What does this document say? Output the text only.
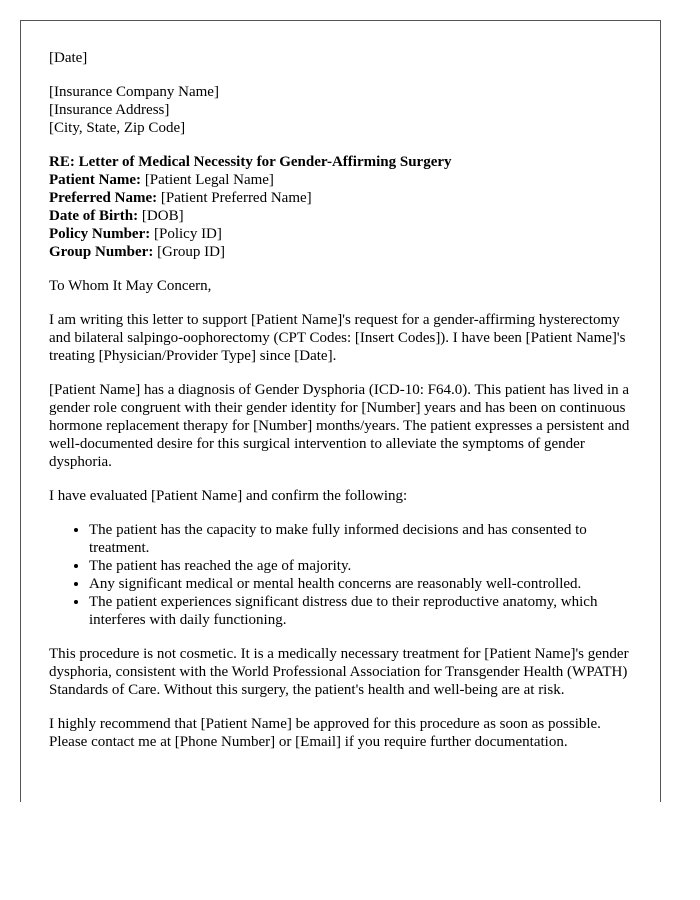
[Date]

[Insurance Company Name]
[Insurance Address]
[City, State, Zip Code]
RE: Letter of Medical Necessity for Gender-Affirming Surgery
Patient Name: [Patient Legal Name]
Preferred Name: [Patient Preferred Name]
Date of Birth: [DOB]
Policy Number: [Policy ID]
Group Number: [Group ID]

To Whom It May Concern,

I am writing this letter to support [Patient Name]'s request for a gender-affirming hysterectomy and bilateral salpingo-oophorectomy (CPT Codes: [Insert Codes]). I have been [Patient Name]'s treating [Physician/Provider Type] since [Date].

[Patient Name] has a diagnosis of Gender Dysphoria (ICD-10: F64.0). This patient has lived in a gender role congruent with their gender identity for [Number] years and has been on continuous hormone replacement therapy for [Number] months/years. The patient expresses a persistent and well-documented desire for this surgical intervention to alleviate the symptoms of gender dysphoria.

I have evaluated [Patient Name] and confirm the following:

• The patient has the capacity to make fully informed decisions and has consented to treatment.
• The patient has reached the age of majority.
• Any significant medical or mental health concerns are reasonably well-controlled.
• The patient experiences significant distress due to their reproductive anatomy, which interferes with daily functioning.

This procedure is not cosmetic. It is a medically necessary treatment for [Patient Name]'s gender dysphoria, consistent with the World Professional Association for Transgender Health (WPATH) Standards of Care. Without this surgery, the patient's health and well-being are at risk.

I highly recommend that [Patient Name] be approved for this procedure as soon as possible. Please contact me at [Phone Number] or [Email] if you require further documentation.
